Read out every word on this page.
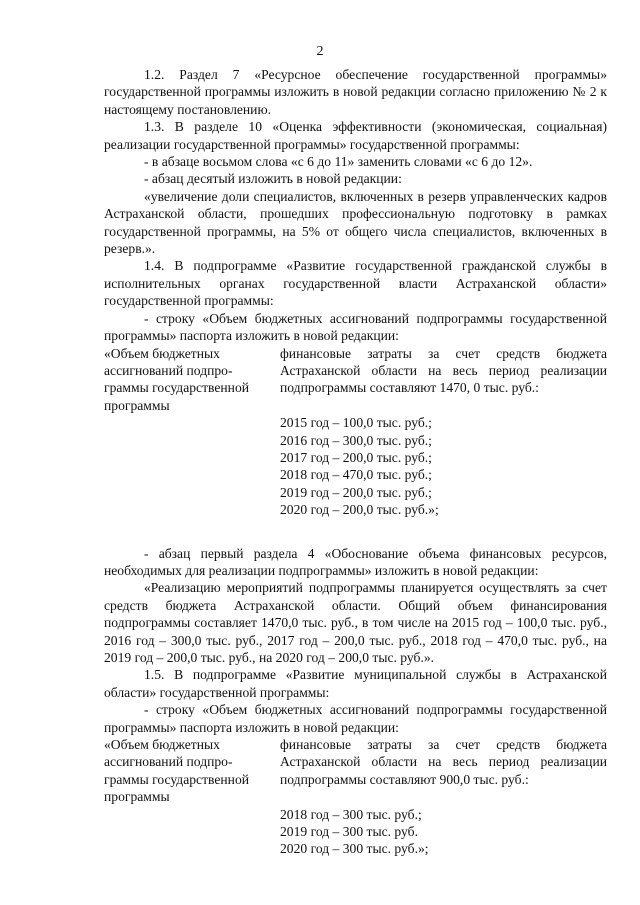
2

1.2. Раздел 7 «Ресурсное обеспечение государственной программы» государственной программы изложить в новой редакции согласно приложению № 2 к настоящему постановлению.

1.3. В разделе 10 «Оценка эффективности (экономическая, социальная) реализации государственной программы» государственной программы:

- в абзаце восьмом слова «с 6 до 11» заменить словами «с 6 до 12».

- абзац десятый изложить в новой редакции:

«увеличение доли специалистов, включенных в резерв управленческих кадров Астраханской области, прошедших профессиональную подготовку в рамках государственной программы, на 5% от общего числа специалистов, включенных в резерв.».

1.4. В подпрограмме «Развитие государственной гражданской службы в исполнительных органах государственной власти Астраханской области» государственной программы:

- строку «Объем бюджетных ассигнований подпрограммы государственной программы» паспорта изложить в новой редакции:

«Объем бюджетных
ассигнований подпро-
граммы государственной
программы

финансовые затраты за счет средств бюджета Астраханской области на весь период реализации подпрограммы составляют 1470, 0 тыс. руб.:

2015 год – 100,0 тыс. руб.;
2016 год – 300,0 тыс. руб.;
2017 год – 200,0 тыс. руб.;
2018 год – 470,0 тыс. руб.;
2019 год – 200,0 тыс. руб.;
2020 год – 200,0 тыс. руб.»;

- абзац первый раздела 4 «Обоснование объема финансовых ресурсов, необходимых для реализации подпрограммы» изложить в новой редакции:

«Реализацию мероприятий подпрограммы планируется осуществлять за счет средств бюджета Астраханской области. Общий объем финансирования подпрограммы составляет 1470,0 тыс. руб., в том числе на 2015 год – 100,0 тыс. руб., 2016 год – 300,0 тыс. руб., 2017 год – 200,0 тыс. руб., 2018 год – 470,0 тыс. руб., на 2019 год – 200,0 тыс. руб., на 2020 год – 200,0 тыс. руб.».

1.5. В подпрограмме «Развитие муниципальной службы в Астраханской области» государственной программы:

- строку «Объем бюджетных ассигнований подпрограммы государственной программы» паспорта изложить в новой редакции:

«Объем бюджетных
ассигнований подпро-
граммы государственной
программы

финансовые затраты за счет средств бюджета Астраханской области на весь период реализации подпрограммы составляют 900,0 тыс. руб.:

2018 год – 300 тыс. руб.;
2019 год – 300 тыс. руб.
2020 год – 300 тыс. руб.»;
